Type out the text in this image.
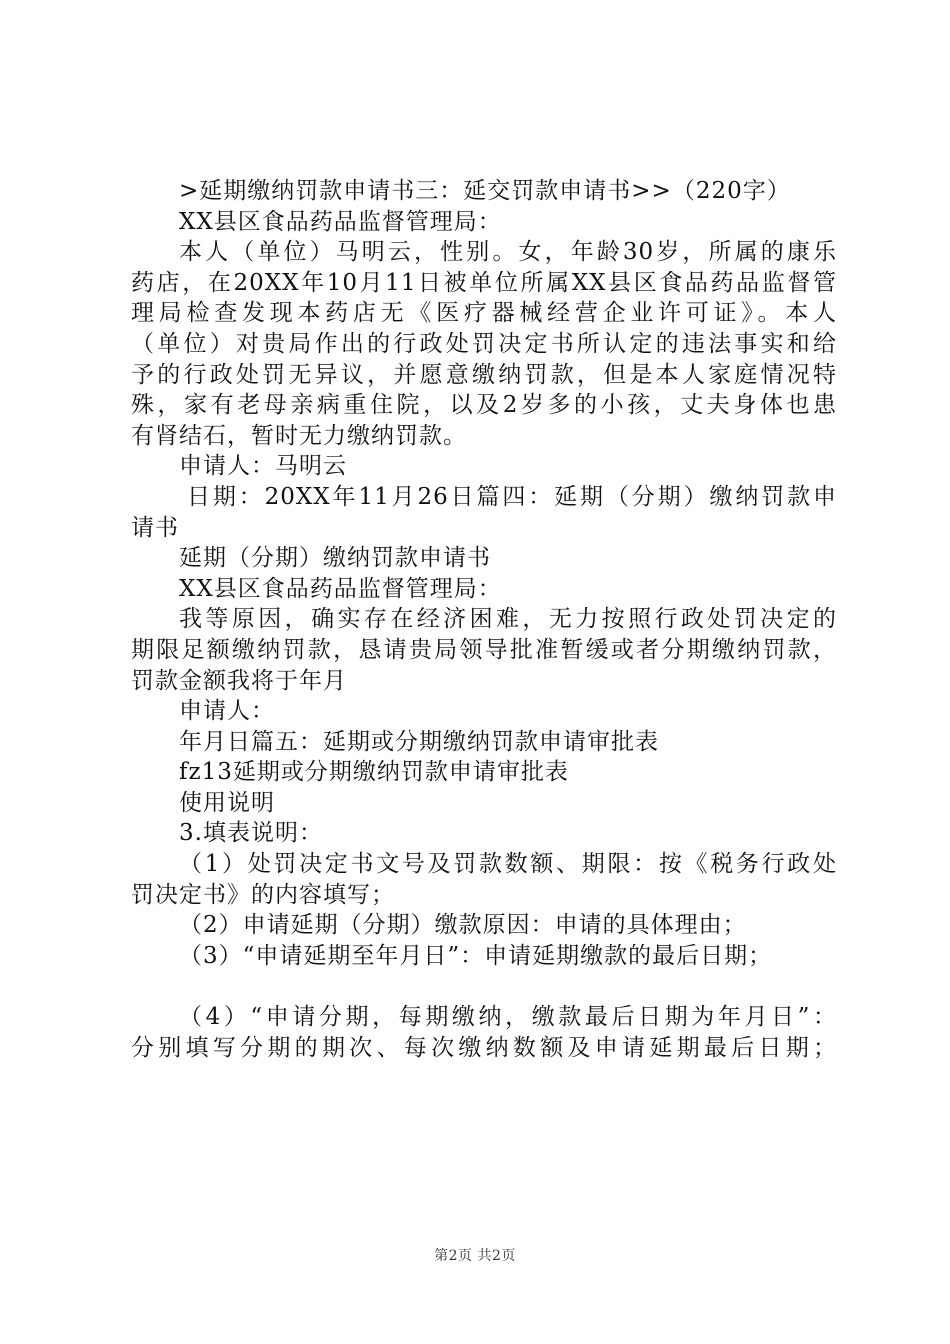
>延期缴纳罚款申请书三：延交罚款申请书>>（220字）
XX县区食品药品监督管理局：
本人（单位）马明云，性别。女，年龄30岁，所属的康乐
药店，在20XX年10月11日被单位所属XX县区食品药品监督管
理局检查发现本药店无《医疗器械经营企业许可证》。本人
（单位）对贵局作出的行政处罚决定书所认定的违法事实和给
予的行政处罚无异议，并愿意缴纳罚款，但是本人家庭情况特
殊，家有老母亲病重住院，以及2岁多的小孩，丈夫身体也患
有肾结石，暂时无力缴纳罚款。
申请人：马明云
日期：20XX年11月26日篇四：延期（分期）缴纳罚款申
请书
延期（分期）缴纳罚款申请书
XX县区食品药品监督管理局：
我等原因，确实存在经济困难，无力按照行政处罚决定的
期限足额缴纳罚款，恳请贵局领导批准暂缓或者分期缴纳罚款，
罚款金额我将于年月
申请人：
年月日篇五：延期或分期缴纳罚款申请审批表
fz13延期或分期缴纳罚款申请审批表
使用说明
3.填表说明：
（1）处罚决定书文号及罚款数额、期限：按《税务行政处
罚决定书》的内容填写；
（2）申请延期（分期）缴款原因：申请的具体理由；
（3）“申请延期至年月日”：申请延期缴款的最后日期；
（4）“申请分期，每期缴纳，缴款最后日期为年月日”：
分别填写分期的期次、每次缴纳数额及申请延期最后日期；
第2页 共2页
